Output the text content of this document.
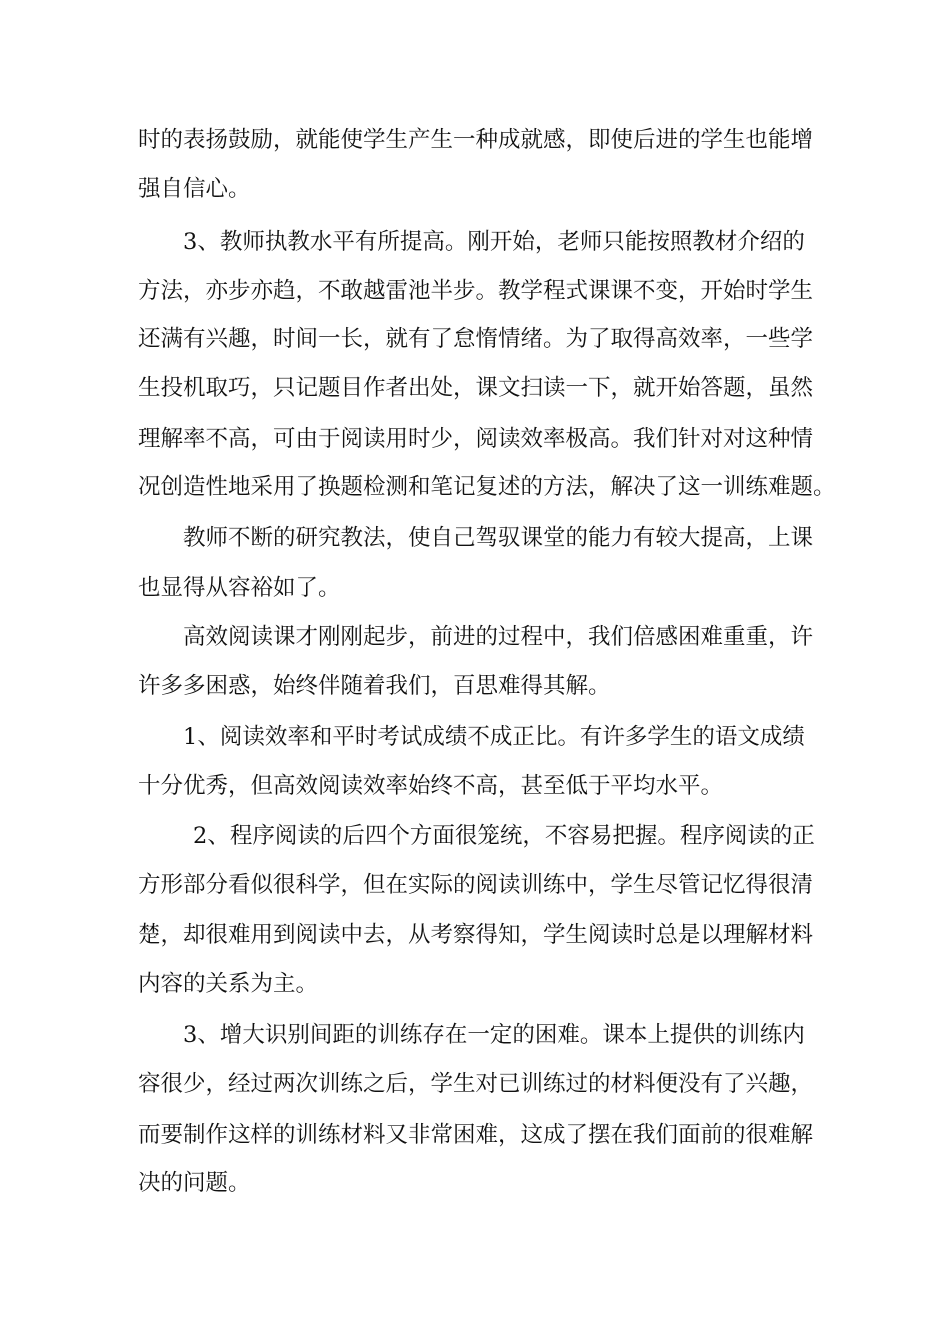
时的表扬鼓励，就能使学生产生一种成就感，即使后进的学生也能增
强自信心。
3、教师执教水平有所提高。刚开始，老师只能按照教材介绍的
方法，亦步亦趋，不敢越雷池半步。教学程式课课不变，开始时学生
还满有兴趣，时间一长，就有了怠惰情绪。为了取得高效率，一些学
生投机取巧，只记题目作者出处，课文扫读一下，就开始答题，虽然
理解率不高，可由于阅读用时少，阅读效率极高。我们针对对这种情
况创造性地采用了换题检测和笔记复述的方法，解决了这一训练难题。
教师不断的研究教法，使自己驾驭课堂的能力有较大提高，上课
也显得从容裕如了。
高效阅读课才刚刚起步，前进的过程中，我们倍感困难重重，许
许多多困惑，始终伴随着我们，百思难得其解。
1、阅读效率和平时考试成绩不成正比。有许多学生的语文成绩
十分优秀，但高效阅读效率始终不高，甚至低于平均水平。
2、程序阅读的后四个方面很笼统，不容易把握。程序阅读的正
方形部分看似很科学，但在实际的阅读训练中，学生尽管记忆得很清
楚，却很难用到阅读中去，从考察得知，学生阅读时总是以理解材料
内容的关系为主。
3、增大识别间距的训练存在一定的困难。课本上提供的训练内
容很少，经过两次训练之后，学生对已训练过的材料便没有了兴趣，
而要制作这样的训练材料又非常困难，这成了摆在我们面前的很难解
决的问题。
